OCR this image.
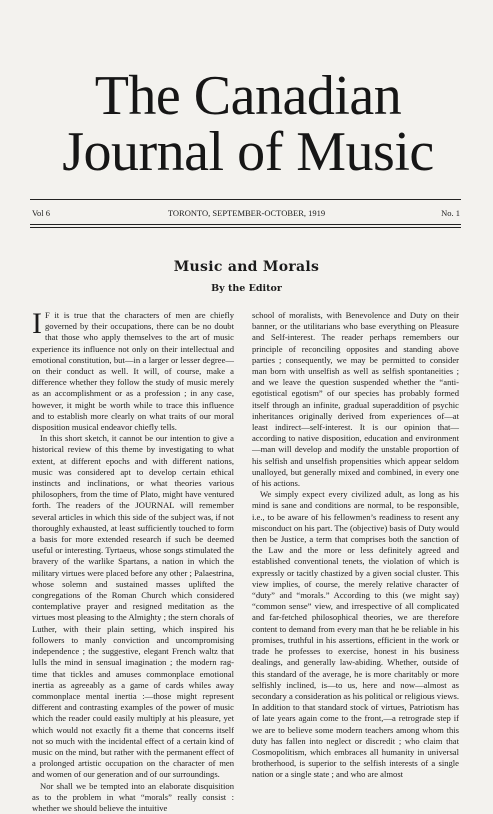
The Canadian
Journal of Music
Vol 6	TORONTO, SEPTEMBER-OCTOBER, 1919	No. 1
Music and Morals
By the Editor

IF it is true that the characters of men are chiefly governed by their occupations, there can be no doubt that those who apply themselves to the art of music experience its influence not only on their intellectual and emotional constitution, but—in a larger or lesser degree—on their conduct as well. It will, of course, make a difference whether they follow the study of music merely as an accomplishment or as a profession ; in any case, however, it might be worth while to trace this influence and to establish more clearly on what traits of our moral disposition musical endeavor chiefly tells.

In this short sketch, it cannot be our intention to give a historical review of this theme by investigating to what extent, at different epochs and with different nations, music was considered apt to develop certain ethical instincts and inclinations, or what theories various philosophers, from the time of Plato, might have ventured forth. The readers of the JOURNAL will remember several articles in which this side of the subject was, if not thoroughly exhausted, at least sufficiently touched to form a basis for more extended research if such be deemed useful or interesting. Tyrtaeus, whose songs stimulated the bravery of the warlike Spartans, a nation in which the military virtues were placed before any other ; Palaestrina, whose solemn and sustained masses uplifted the congregations of the Roman Church which considered contemplative prayer and resigned meditation as the virtues most pleasing to the Almighty ; the stern chorals of Luther, with their plain setting, which inspired his followers to manly conviction and uncompromising independence ; the suggestive, elegant French waltz that lulls the mind in sensual imagination ; the modern rag-time that tickles and amuses commonplace emotional inertia as agreeably as a game of cards whiles away commonplace mental inertia :—those might represent different and contrasting examples of the power of music which the reader could easily multiply at his pleasure, yet which would not exactly fit a theme that concerns itself not so much with the incidental effect of a certain kind of music on the mind, but rather with the permanent effect of a prolonged artistic occupation on the character of men and women of our generation and of our surroundings.

Nor shall we be tempted into an elaborate disquisition as to the problem in what “morals” really consist : whether we should believe the intuitive

school of moralists, with Benevolence and Duty on their banner, or the utilitarians who base everything on Pleasure and Self-interest. The reader perhaps remembers our principle of reconciling opposites and standing above parties ; consequently, we may be permitted to consider man born with unselfish as well as selfish spontaneities ; and we leave the question suspended whether the “anti-egotistical egotism” of our species has probably formed itself through an infinite, gradual superaddition of psychic inheritances originally derived from experiences of—at least indirect—self-interest. It is our opinion that—according to native disposition, education and environment—man will develop and modify the unstable proportion of his selfish and unselfish propensities which appear seldom unalloyed, but generally mixed and combined, in every one of his actions.

We simply expect every civilized adult, as long as his mind is sane and conditions are normal, to be responsible, i.e., to be aware of his fellowmen’s readiness to resent any misconduct on his part. The (objective) basis of Duty would then be Justice, a term that comprises both the sanction of the Law and the more or less definitely agreed and established conventional tenets, the violation of which is expressly or tacitly chastized by a given social cluster. This view implies, of course, the merely relative character of “duty” and “morals.” According to this (we might say) “common sense” view, and irrespective of all complicated and far-fetched philosophical theories, we are therefore content to demand from every man that he be reliable in his promises, truthful in his assertions, efficient in the work or trade he professes to exercise, honest in his business dealings, and generally law-abiding. Whether, outside of this standard of the average, he is more charitably or more selfishly inclined, is—to us, here and now—almost as secondary a consideration as his political or religious views. In addition to that standard stock of virtues, Patriotism has of late years again come to the front,—a retrograde step if we are to believe some modern teachers among whom this duty has fallen into neglect or discredit ; who claim that Cosmopolitism, which embraces all humanity in universal brotherhood, is superior to the selfish interests of a single nation or a single state ; and who are almost
